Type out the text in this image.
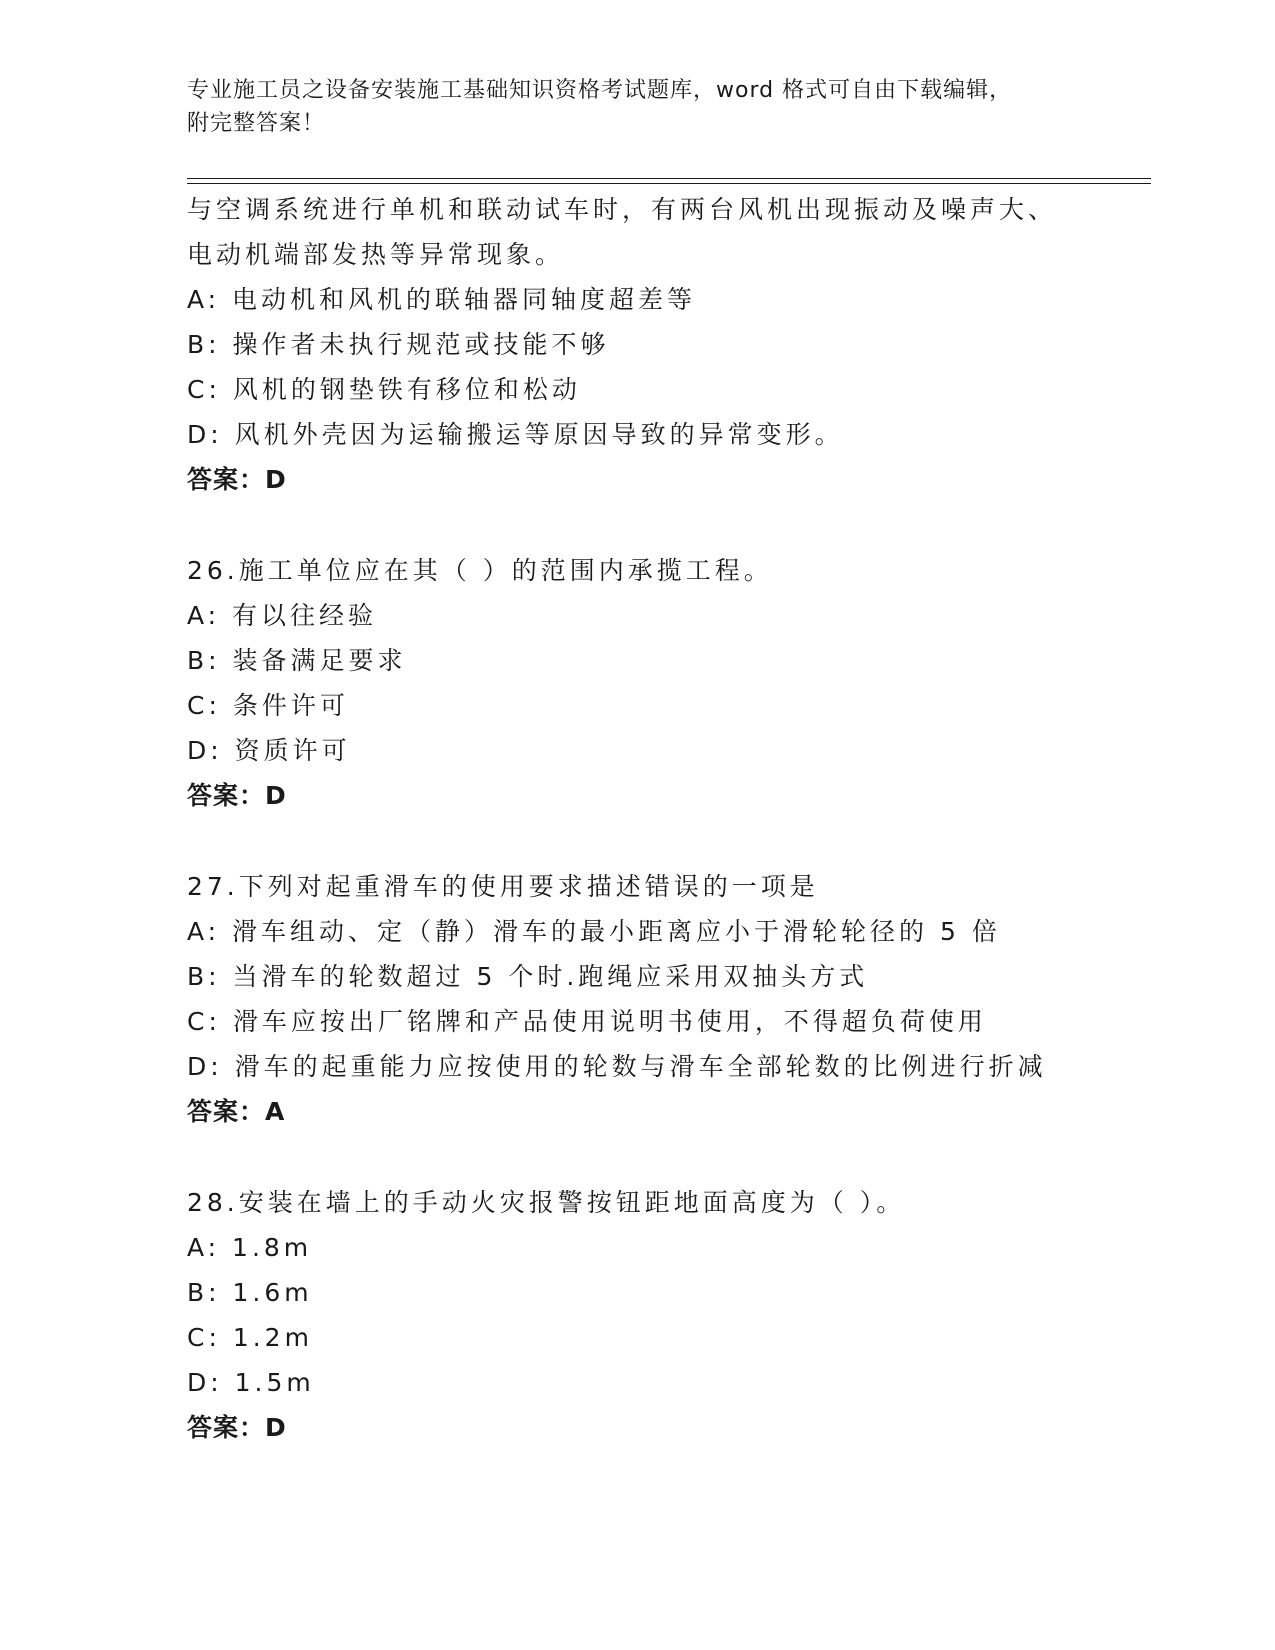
专业施工员之设备安装施工基础知识资格考试题库，word 格式可自由下载编辑，
附完整答案！
与空调系统进行单机和联动试车时，有两台风机出现振动及噪声大、
电动机端部发热等异常现象。
A: 电动机和风机的联轴器同轴度超差等
B: 操作者未执行规范或技能不够
C: 风机的钢垫铁有移位和松动
D: 风机外壳因为运输搬运等原因导致的异常变形。
答案：D
26.施工单位应在其（ ）的范围内承揽工程。
A: 有以往经验
B: 装备满足要求
C: 条件许可
D: 资质许可
答案：D
27.下列对起重滑车的使用要求描述错误的一项是
A: 滑车组动、定（静）滑车的最小距离应小于滑轮轮径的 5 倍
B: 当滑车的轮数超过 5 个时.跑绳应采用双抽头方式
C: 滑车应按出厂铭牌和产品使用说明书使用，不得超负荷使用
D: 滑车的起重能力应按使用的轮数与滑车全部轮数的比例进行折减
答案：A
28.安装在墙上的手动火灾报警按钮距地面高度为（ ）。
A: 1.8m
B: 1.6m
C: 1.2m
D: 1.5m
答案：D
